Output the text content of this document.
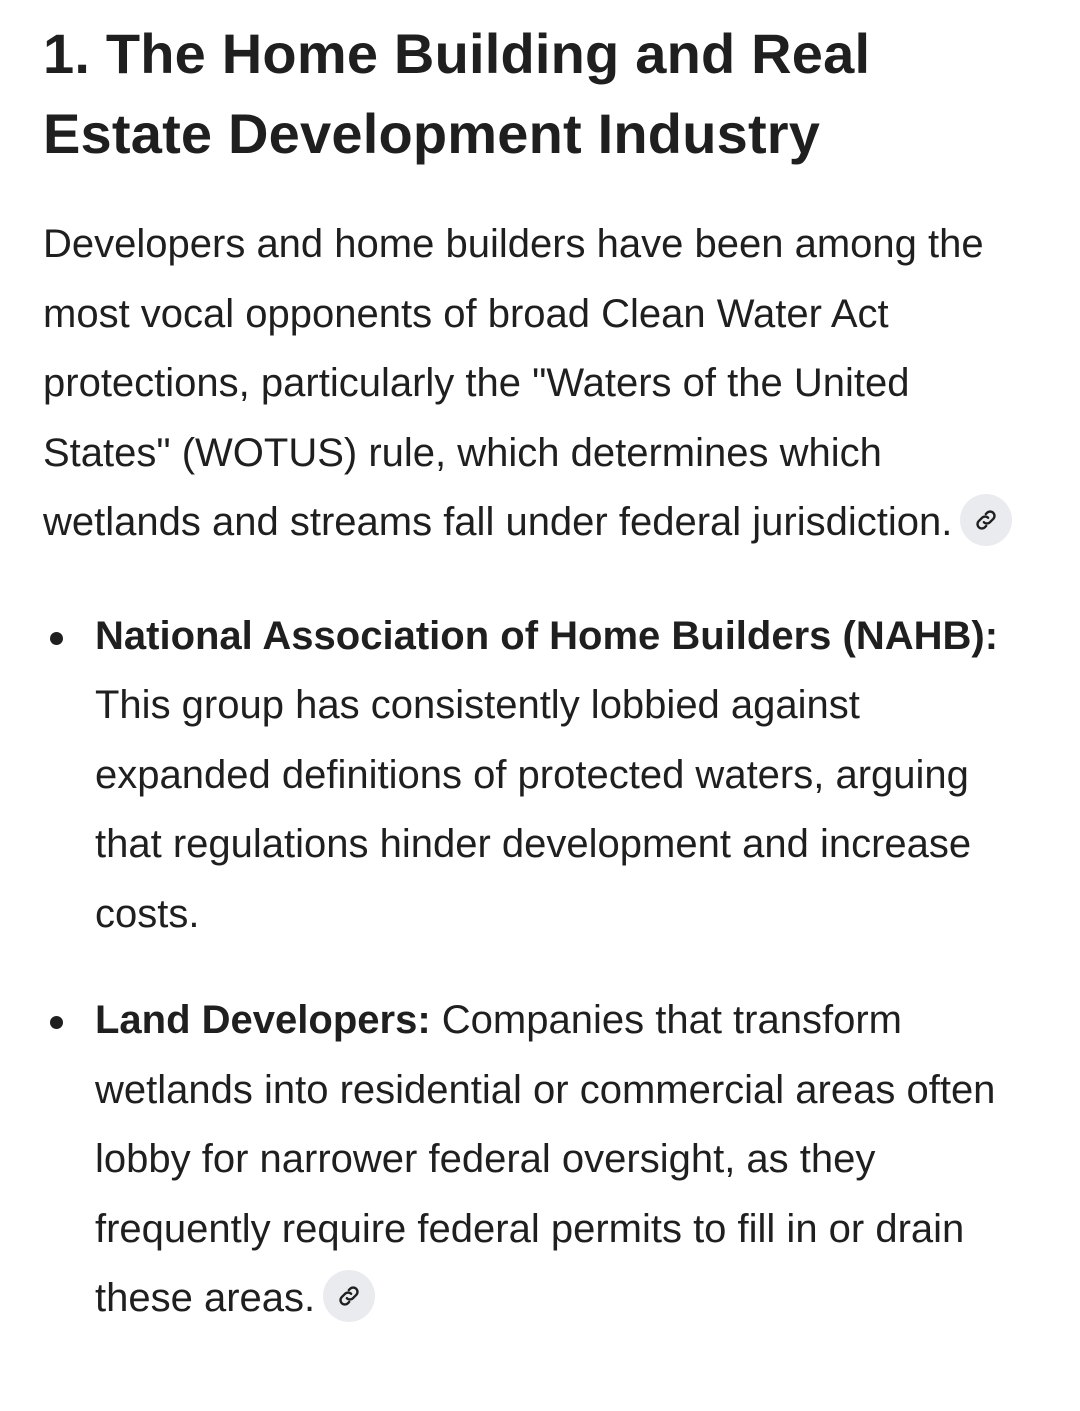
1. The Home Building and Real Estate Development Industry

Developers and home builders have been among the most vocal opponents of broad Clean Water Act protections, particularly the "Waters of the United States" (WOTUS) rule, which determines which wetlands and streams fall under federal jurisdiction.

National Association of Home Builders (NAHB): This group has consistently lobbied against expanded definitions of protected waters, arguing that regulations hinder development and increase costs.
Land Developers: Companies that transform wetlands into residential or commercial areas often lobby for narrower federal oversight, as they frequently require federal permits to fill in or drain these areas.
